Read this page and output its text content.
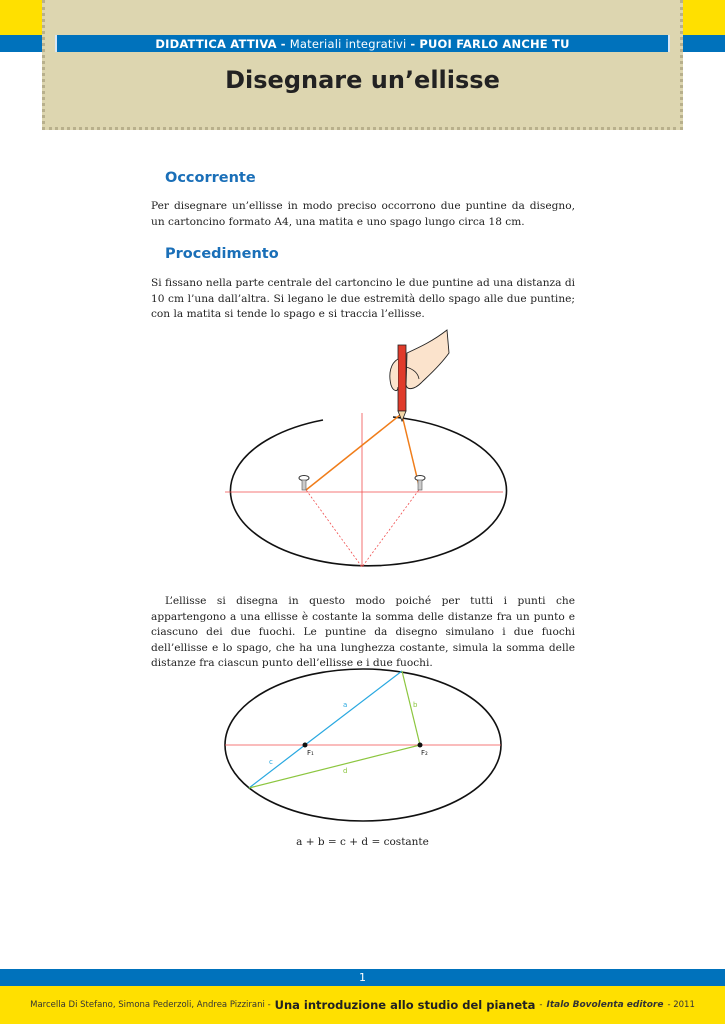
DIDATTICA ATTIVA - Materiali integrativi - PUOI FARLO ANCHE TU
Disegnare un’ellisse
Occorrente
Per disegnare un’ellisse in modo preciso occorrono due puntine da disegno, un cartoncino formato A4, una matita e uno spago lungo circa 18 cm.
Procedimento
Si fissano nella parte centrale del cartoncino le due puntine ad una distanza di 10 cm l’una dall’altra. Si legano le due estremità dello spago alle due puntine; con la matita si tende lo spago e si traccia l’ellisse.
L’ellisse si disegna in questo modo poiché per tutti i punti che appartengono a una ellisse è costante la somma delle distanze fra un punto e ciascuno dei due fuochi. Le puntine da disegno simulano i due fuochi dell’ellisse e lo spago, che ha una lunghezza costante, simula la somma delle distanze fra ciascun punto dell’ellisse e i due fuochi.
a	b
c
d
F₁	F₂
a + b = c + d = costante
1
Marcella Di Stefano, Simona Pederzoli, Andrea Pizzirani - Una introduzione allo studio del pianeta - Italo Bovolenta editore - 2011
